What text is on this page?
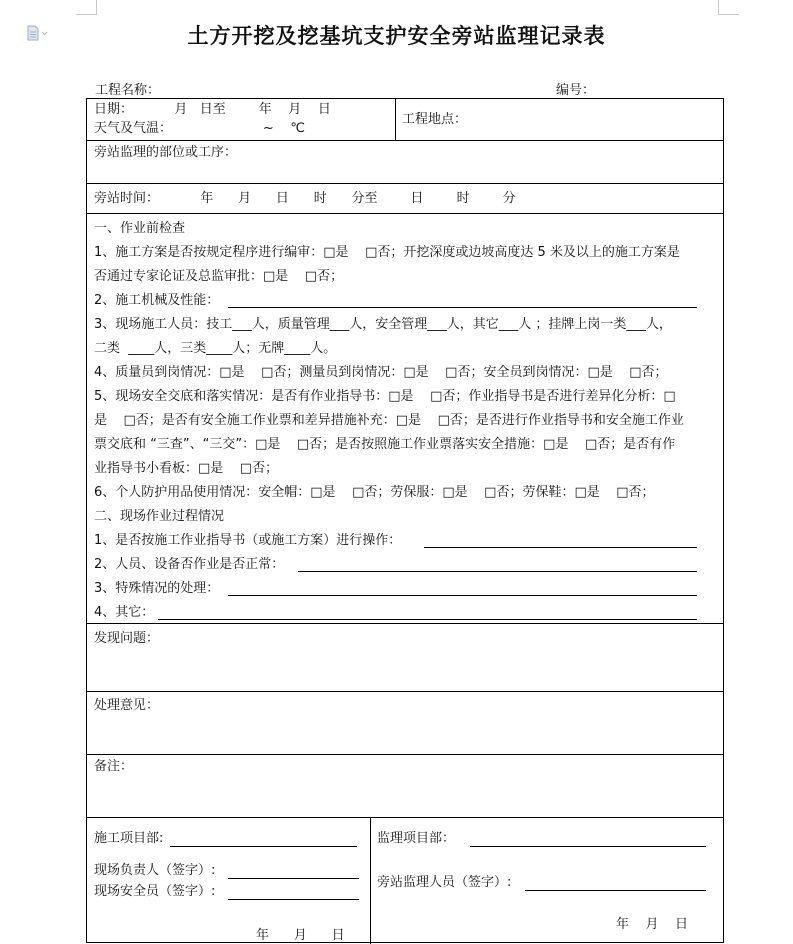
土方开挖及挖基坑支护安全旁站监理记录表
工程名称：	编号：
日期：          月   日至        年    月    日
天气及气温：                      ~    ℃
工程地点：
旁站监理的部位或工序：
旁站时间：          年      月      日      时      分至        日        时        分
一、作业前检查
1、施工方案是否按规定程序进行编审：□是    □否；开挖深度或边坡高度达 5 米及以上的施工方案是
否通过专家论证及总监审批：□是    □否；
2、施工机械及性能：
3、现场施工人员：技工___人，质量管理___人，安全管理___人，其它___人 ；挂牌上岗一类___人，
二类  ____人，三类____人；无牌____人。
4、质量员到岗情况：□是    □否；测量员到岗情况：□是    □否；安全员到岗情况：□是    □否；
5、现场安全交底和落实情况：是否有作业指导书：□是    □否；作业指导书是否进行差异化分析：□
是    □否；是否有安全施工作业票和差异措施补充：□是    □否；是否进行作业指导书和安全施工作业
票交底和 “三查”、“三交”：□是    □否；是否按照施工作业票落实安全措施：□是    □否；是否有作
业指导书小看板：□是    □否；
6、个人防护用品使用情况：安全帽：□是    □否；劳保服：□是    □否；劳保鞋：□是    □否；
二、现场作业过程情况
1、是否按施工作业指导书（或施工方案）进行操作：
2、人员、设备否作业是否正常：
3、特殊情况的处理：
4、其它：
发现问题：
处理意见：
备注：
施工项目部:
现场负责人（签字）:
现场安全员（签字）:
年      月      日
监理项目部：
旁站监理人员（签字）:
年    月    日
